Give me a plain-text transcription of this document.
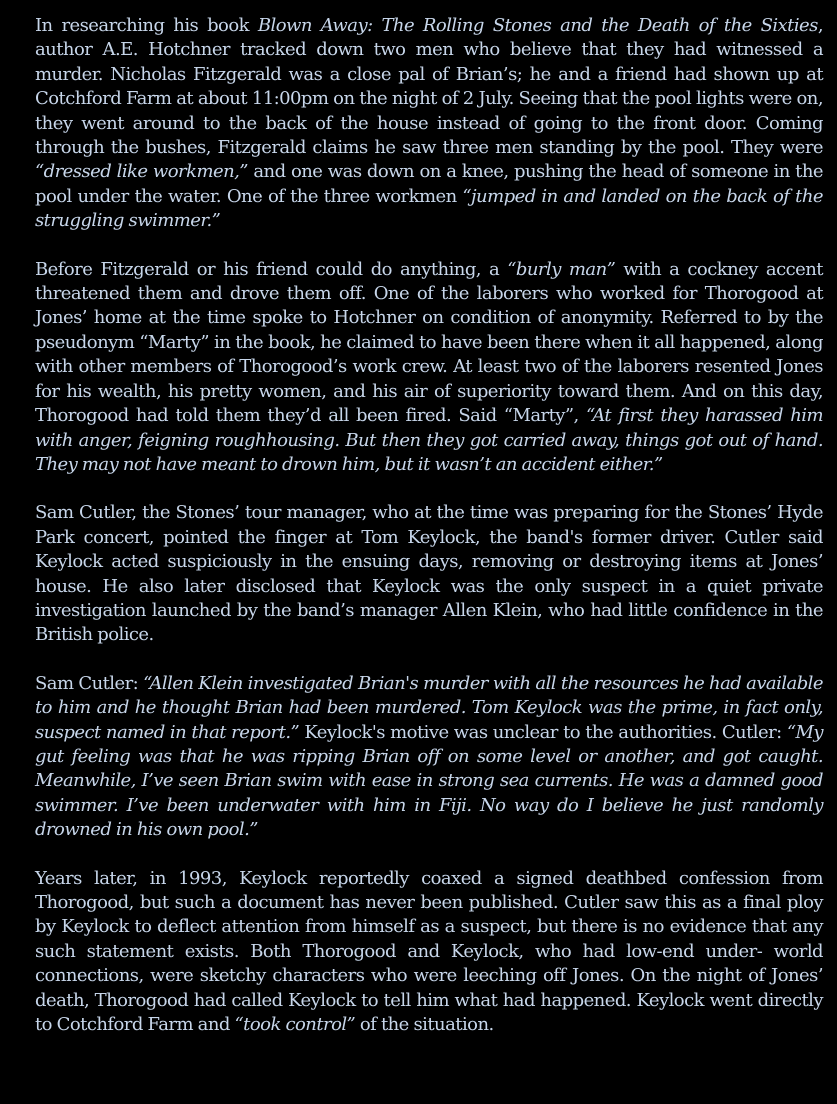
In researching his book Blown Away: The Rolling Stones and the Death of the Sixties, author A.E. Hotchner tracked down two men who believe that they had witnessed a murder. Nicholas Fitzgerald was a close pal of Brian’s; he and a friend had shown up at Cotchford Farm at about 11:00pm on the night of 2 July. Seeing that the pool lights were on, they went around to the back of the house instead of going to the front door. Coming through the bushes, Fitzgerald claims he saw three men standing by the pool. They were “dressed like workmen,” and one was down on a knee, pushing the head of someone in the pool under the water. One of the three workmen “jumped in and landed on the back of the struggling swimmer.”

Before Fitzgerald or his friend could do anything, a “burly man” with a cockney accent threatened them and drove them off. One of the laborers who worked for Thorogood at Jones’ home at the time spoke to Hotchner on condition of anonymity. Referred to by the pseudonym “Marty” in the book, he claimed to have been there when it all happened, along with other members of Thorogood’s work crew. At least two of the laborers resented Jones for his wealth, his pretty women, and his air of superiority toward them. And on this day, Thorogood had told them they’d all been fired. Said “Marty”, “At first they harassed him with anger, feigning roughhousing. But then they got carried away, things got out of hand. They may not have meant to drown him, but it wasn’t an accident either.”

Sam Cutler, the Stones’ tour manager, who at the time was preparing for the Stones’ Hyde Park concert, pointed the finger at Tom Keylock, the band's former driver. Cutler said Keylock acted suspiciously in the ensuing days, removing or destroying items at Jones’ house. He also later disclosed that Keylock was the only suspect in a quiet private investigation launched by the band’s manager Allen Klein, who had little confidence in the British police.

Sam Cutler: “Allen Klein investigated Brian's murder with all the resources he had available to him and he thought Brian had been murdered. Tom Keylock was the prime, in fact only, suspect named in that report.” Keylock's motive was unclear to the authorities. Cutler: “My gut feeling was that he was ripping Brian off on some level or another, and got caught. Meanwhile, I’ve seen Brian swim with ease in strong sea currents. He was a damned good swimmer. I’ve been underwater with him in Fiji. No way do I believe he just randomly drowned in his own pool.”

Years later, in 1993, Keylock reportedly coaxed a signed deathbed confession from Thorogood, but such a document has never been published. Cutler saw this as a final ploy by Keylock to deflect attention from himself as a suspect, but there is no evidence that any such statement exists. Both Thorogood and Keylock, who had low-end under- world connections, were sketchy characters who were leeching off Jones. On the night of Jones’ death, Thorogood had called Keylock to tell him what had happened. Keylock went directly to Cotchford Farm and “took control” of the situation.
